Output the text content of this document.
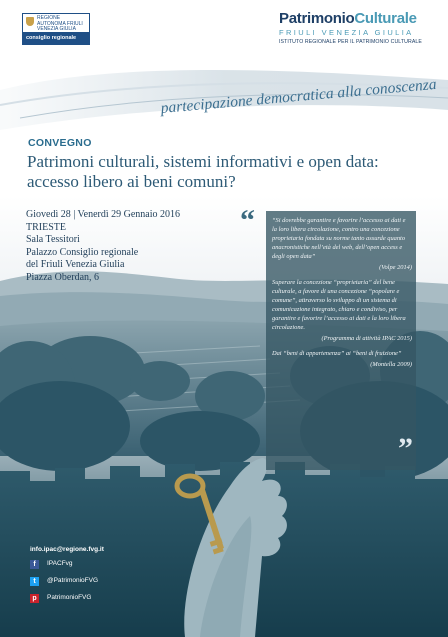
REGIONE AUTONOMA FRIULI VENEZIA GIULIA
consiglio regionale
PatrimonioCulturale
FRIULI VENEZIA GIULIA
ISTITUTO REGIONALE PER IL PATRIMONIO CULTURALE
partecipazione democratica alla conoscenza
CONVEGNO
Patrimoni culturali, sistemi informativi e open data:
accesso libero ai beni comuni?
Giovedì 28 | Venerdì 29 Gennaio 2016
TRIESTE
Sala Tessitori
Palazzo Consiglio regionale
del Friuli Venezia Giulia
Piazza Oberdan, 6
“
”
“Si dovrebbe garantire e favorire l’accesso ai dati e la loro libera circolazione, contro una concezione proprietaria fondata su norme tanto assurde quanto anacronistiche nell’età del web, dell’open access e degli open data”
(Volpe 2014)
Superare la concezione “proprietaria” del bene culturale, a favore di una concezione “popolare e comune”, attraverso lo sviluppo di un sistema di comunicazione integrato, chiaro e condiviso, per garantire e favorire l’accesso ai dati e la loro libera circolazione.
(Programma di attività IPAC 2015)
Dai “beni di appartenenza” ai “beni di fruizione”
(Montella 2009)
info.ipac@regione.fvg.it
f	IPACFvg
t	@PatrimonioFVG
p	PatrimonioFVG
